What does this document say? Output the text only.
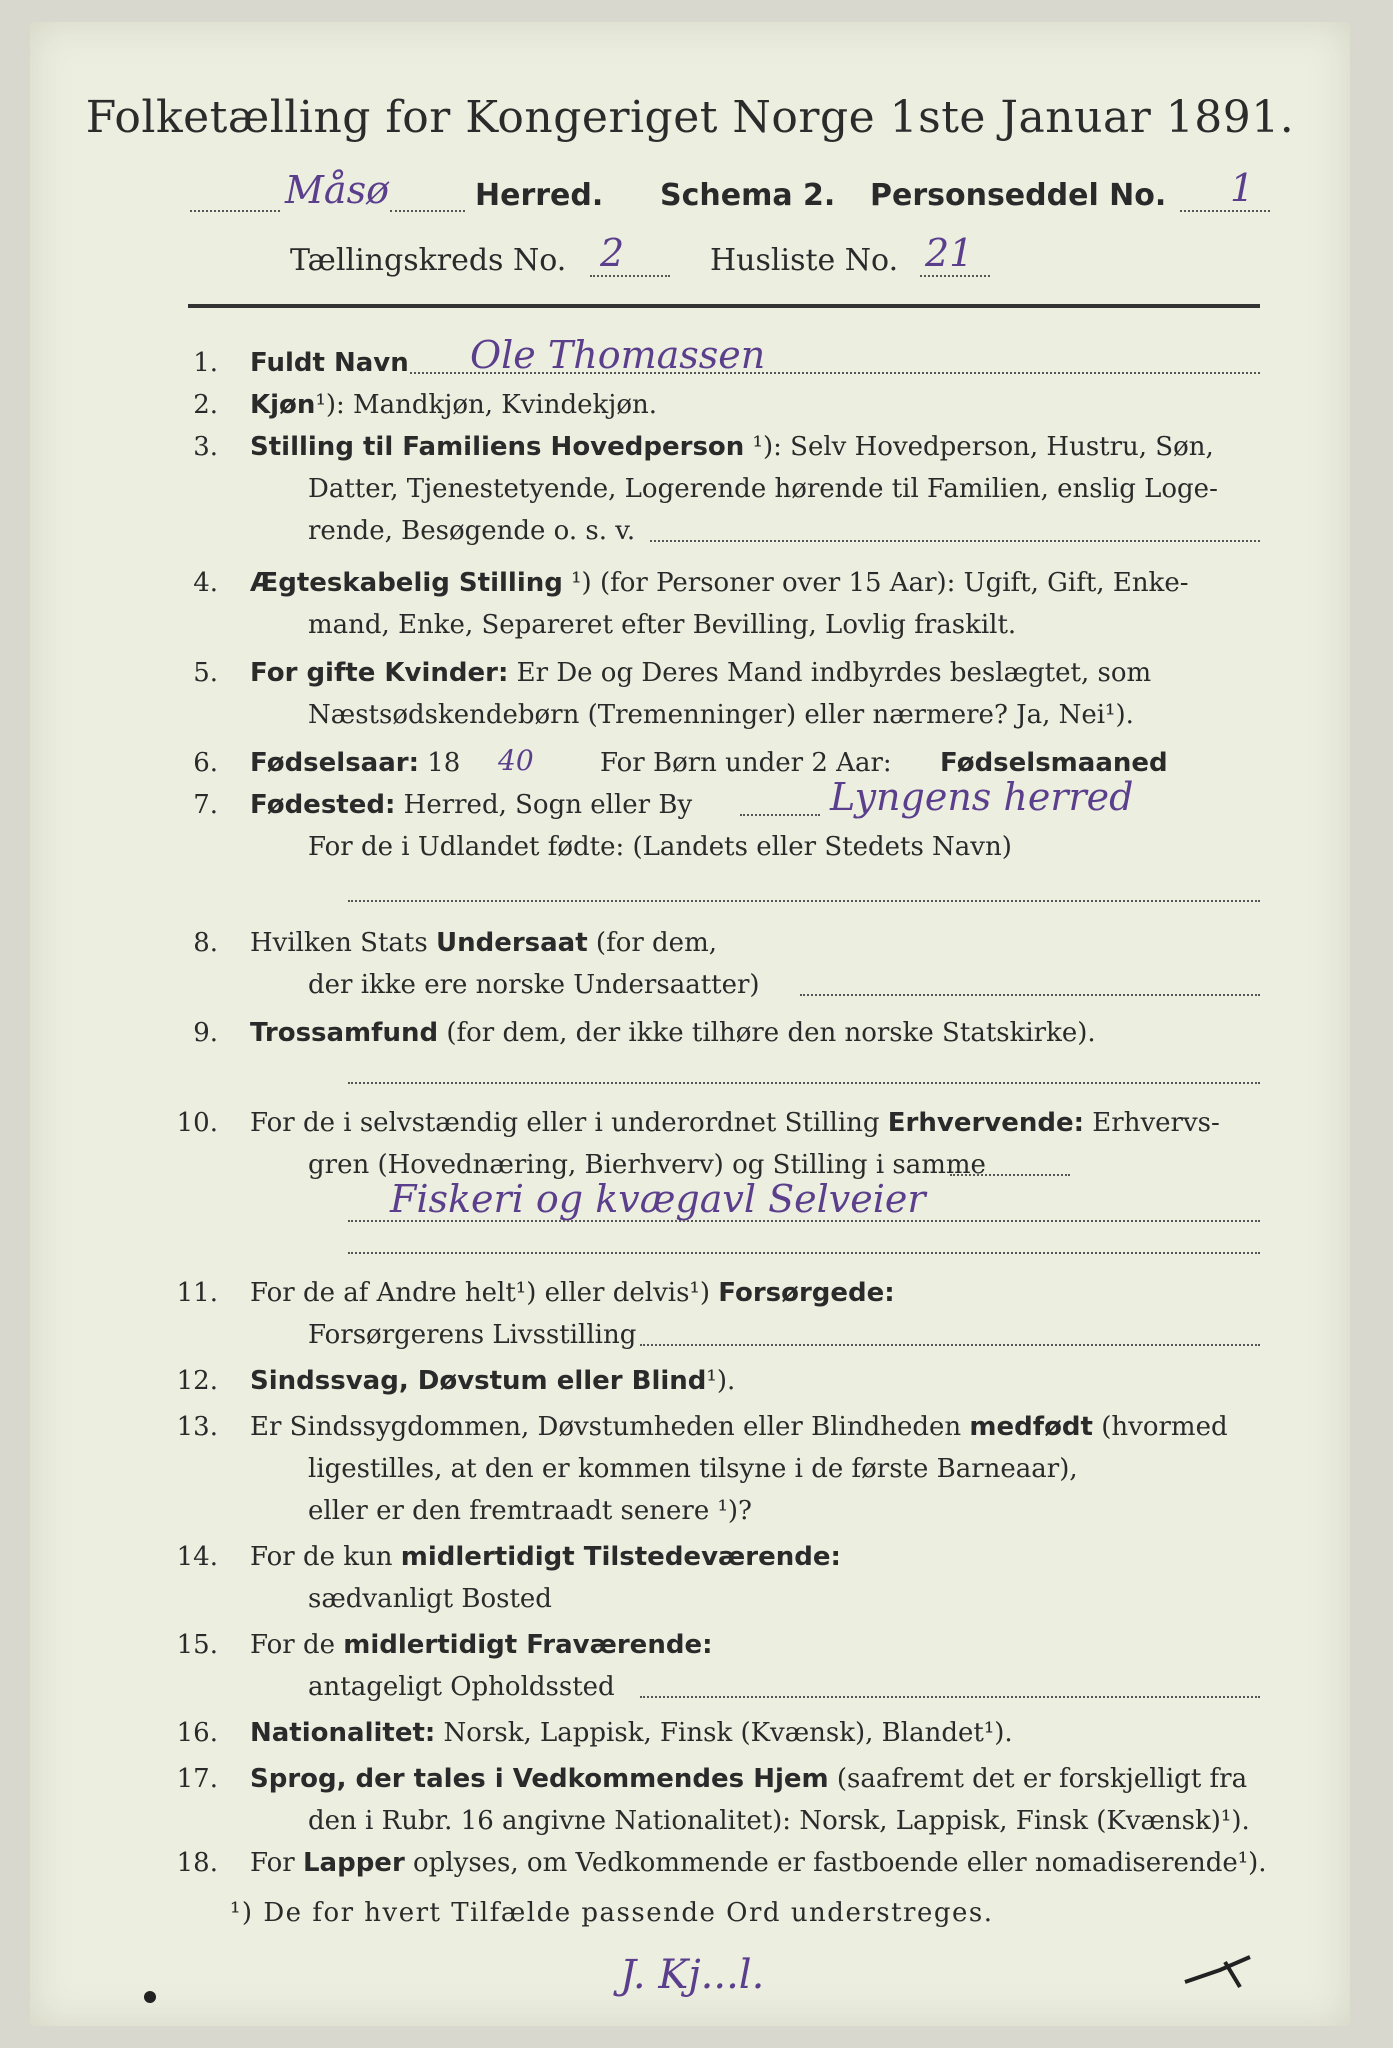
Folketælling for Kongeriget Norge 1ste Januar 1891.
Måsø	Herred. Schema 2. Personseddel No. 1
Tællingskreds No. 2	Husliste No. 21
1. Fuldt Navn Ole Thomassen
2. Kjøn¹): Mandkjøn, Kvindekjøn.
3. Stilling til Familiens Hovedperson ¹): Selv Hovedperson, Hustru, Søn,
Datter, Tjenestetyende, Logerende hørende til Familien, enslig Loge-
rende, Besøgende o. s. v.
4. Ægteskabelig Stilling ¹) (for Personer over 15 Aar): Ugift, Gift, Enke-
mand, Enke, Separeret efter Bevilling, Lovlig fraskilt.
5. For gifte Kvinder: Er De og Deres Mand indbyrdes beslægtet, som
Næstsødskendebørn (Tremenninger) eller nærmere? Ja, Nei¹).
6. Fødselsaar: 18 40	For Børn under 2 Aar: Fødselsmaaned
7. Fødested: Herred, Sogn eller By	Lyngens herred
For de i Udlandet fødte: (Landets eller Stedets Navn)
8. Hvilken Stats Undersaat (for dem,
der ikke ere norske Undersaatter)
9. Trossamfund (for dem, der ikke tilhøre den norske Statskirke).
10. For de i selvstændig eller i underordnet Stilling Erhvervende: Erhvervs-
gren (Hovednæring, Bierhverv) og Stilling i samme
Fiskeri og kvægavl Selveier
11. For de af Andre helt¹) eller delvis¹) Forsørgede:
Forsørgerens Livsstilling
12. Sindssvag, Døvstum eller Blind¹).
13. Er Sindssygdommen, Døvstumheden eller Blindheden medfødt (hvormed
ligestilles, at den er kommen tilsyne i de første Barneaar),
eller er den fremtraadt senere ¹)?
14. For de kun midlertidigt Tilstedeværende:
sædvanligt Bosted
15. For de midlertidigt Fraværende:
antageligt Opholdssted
16. Nationalitet: Norsk, Lappisk, Finsk (Kvænsk), Blandet¹).
17. Sprog, der tales i Vedkommendes Hjem (saafremt det er forskjelligt fra
den i Rubr. 16 angivne Nationalitet): Norsk, Lappisk, Finsk (Kvænsk)¹).
18. For Lapper oplyses, om Vedkommende er fastboende eller nomadiserende¹).
¹) De for hvert Tilfælde passende Ord understreges.
J. Kj...l.
